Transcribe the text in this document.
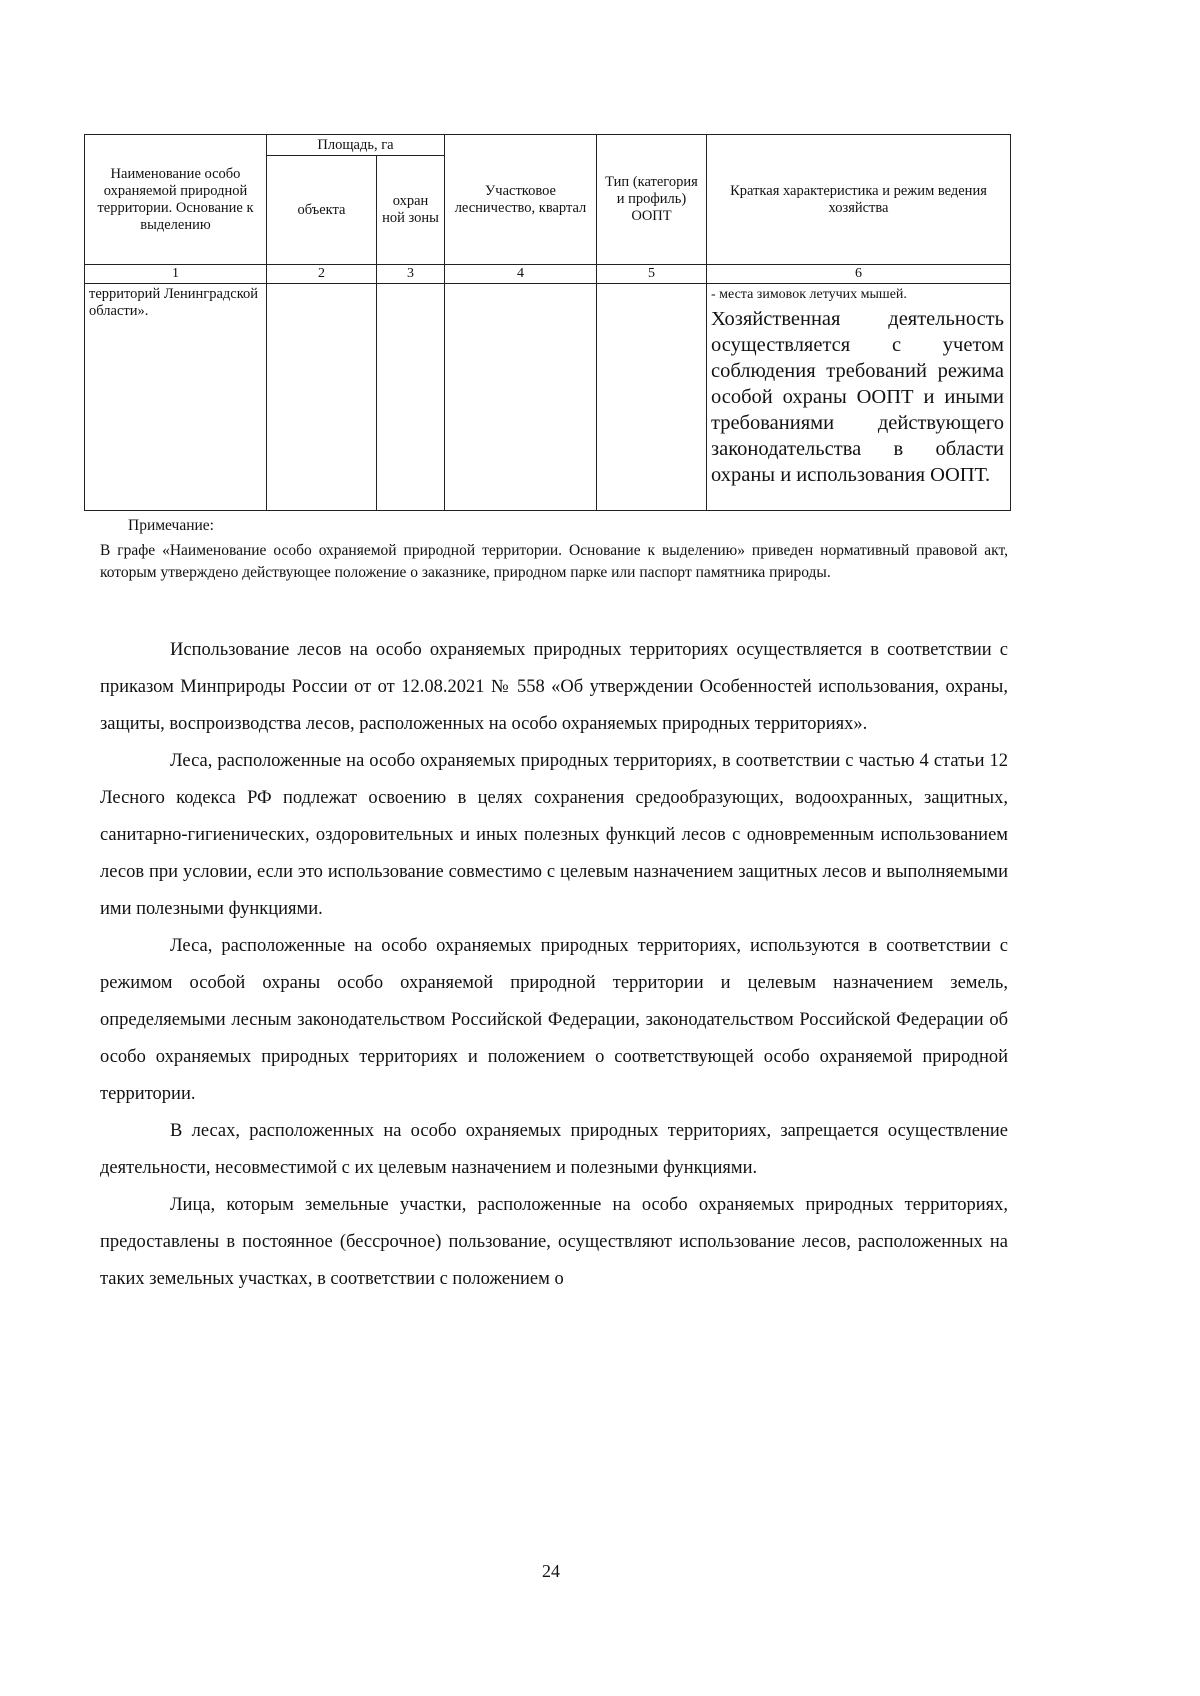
Наименование особо охраняемой природной территории. Основание к выделению	Площадь, га		Участковое лесничество, квартал	Тип (категория и профиль) ООПТ	Краткая характеристика и режим ведения хозяйства
	объекта	охран ной зоны			
1	2	3	4	5	6
территорий Ленинградской области».					- места зимовок летучих мышей.
Хозяйственная деятельность осуществляется с учетом соблюдения требований режима особой охраны ООПТ и иными требованиями действующего законодательства в области охраны и использования ООПТ.
Примечание:
В графе «Наименование особо охраняемой природной территории. Основание к выделению» приведен нормативный правовой акт, которым утверждено действующее положение о заказнике, природном парке или паспорт памятника природы.

Использование лесов на особо охраняемых природных территориях осуществляется в соответствии с приказом Минприроды России от от 12.08.2021 № 558 «Об утверждении Особенностей использования, охраны, защиты, воспроизводства лесов, расположенных на особо охраняемых природных территориях».

Леса, расположенные на особо охраняемых природных территориях, в соответствии с частью 4 статьи 12 Лесного кодекса РФ подлежат освоению в целях сохранения средообразующих, водоохранных, защитных, санитарно-гигиенических, оздоровительных и иных полезных функций лесов с одновременным использованием лесов при условии, если это использование совместимо с целевым назначением защитных лесов и выполняемыми ими полезными функциями.

Леса, расположенные на особо охраняемых природных территориях, используются в соответствии с режимом особой охраны особо охраняемой природной территории и целевым назначением земель, определяемыми лесным законодательством Российской Федерации, законодательством Российской Федерации об особо охраняемых природных территориях и положением о соответствующей особо охраняемой природной территории.

В лесах, расположенных на особо охраняемых природных территориях, запрещается осуществление деятельности, несовместимой с их целевым назначением и полезными функциями.

Лица, которым земельные участки, расположенные на особо охраняемых природных территориях, предоставлены в постоянное (бессрочное) пользование, осуществляют использование лесов, расположенных на таких земельных участках, в соответствии с положением о

24
